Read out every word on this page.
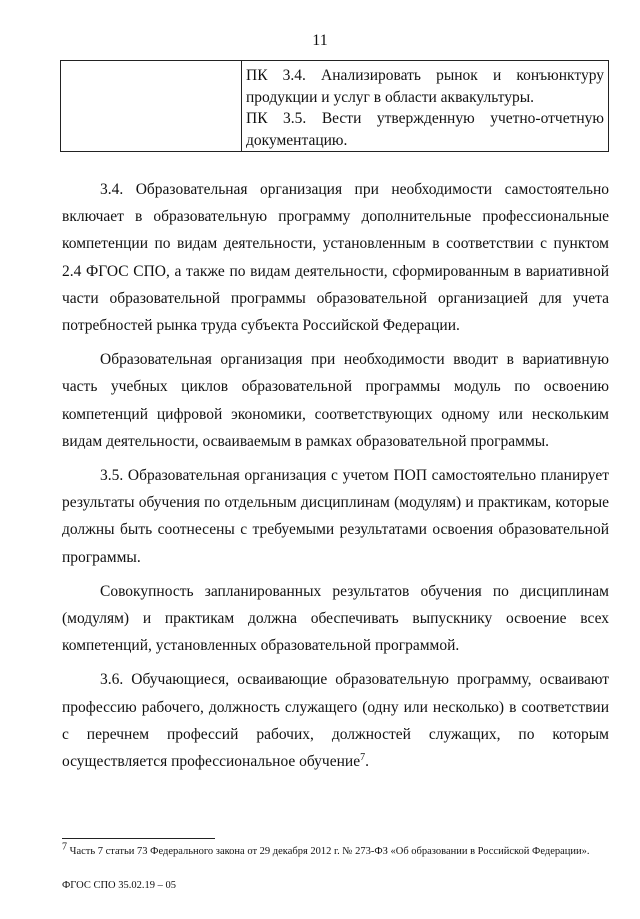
11

ПК 3.4. Анализировать рынок и конъюнктуру продукции и услуг в области аквакультуры.

ПК 3.5. Вести утвержденную учетно-отчетную документацию.

3.4. Образовательная организация при необходимости самостоятельно включает в образовательную программу дополнительные профессиональные компетенции по видам деятельности, установленным в соответствии с пунктом 2.4 ФГОС СПО, а также по видам деятельности, сформированным в вариативной части образовательной программы образовательной организацией для учета потребностей рынка труда субъекта Российской Федерации.

Образовательная организация при необходимости вводит в вариативную часть учебных циклов образовательной программы модуль по освоению компетенций цифровой экономики, соответствующих одному или нескольким видам деятельности, осваиваемым в рамках образовательной программы.

3.5. Образовательная организация с учетом ПОП самостоятельно планирует результаты обучения по отдельным дисциплинам (модулям) и практикам, которые должны быть соотнесены с требуемыми результатами освоения образовательной программы.

Совокупность запланированных результатов обучения по дисциплинам (модулям) и практикам должна обеспечивать выпускнику освоение всех компетенций, установленных образовательной программой.

3.6. Обучающиеся, осваивающие образовательную программу, осваивают профессию рабочего, должность служащего (одну или несколько) в соответствии с перечнем профессий рабочих, должностей служащих, по которым осуществляется профессиональное обучение$^7$.

$^7$ Часть 7 статьи 73 Федерального закона от 29 декабря 2012 г. № 273-ФЗ «Об образовании в Российской Федерации».
ФГОС СПО 35.02.19 – 05
